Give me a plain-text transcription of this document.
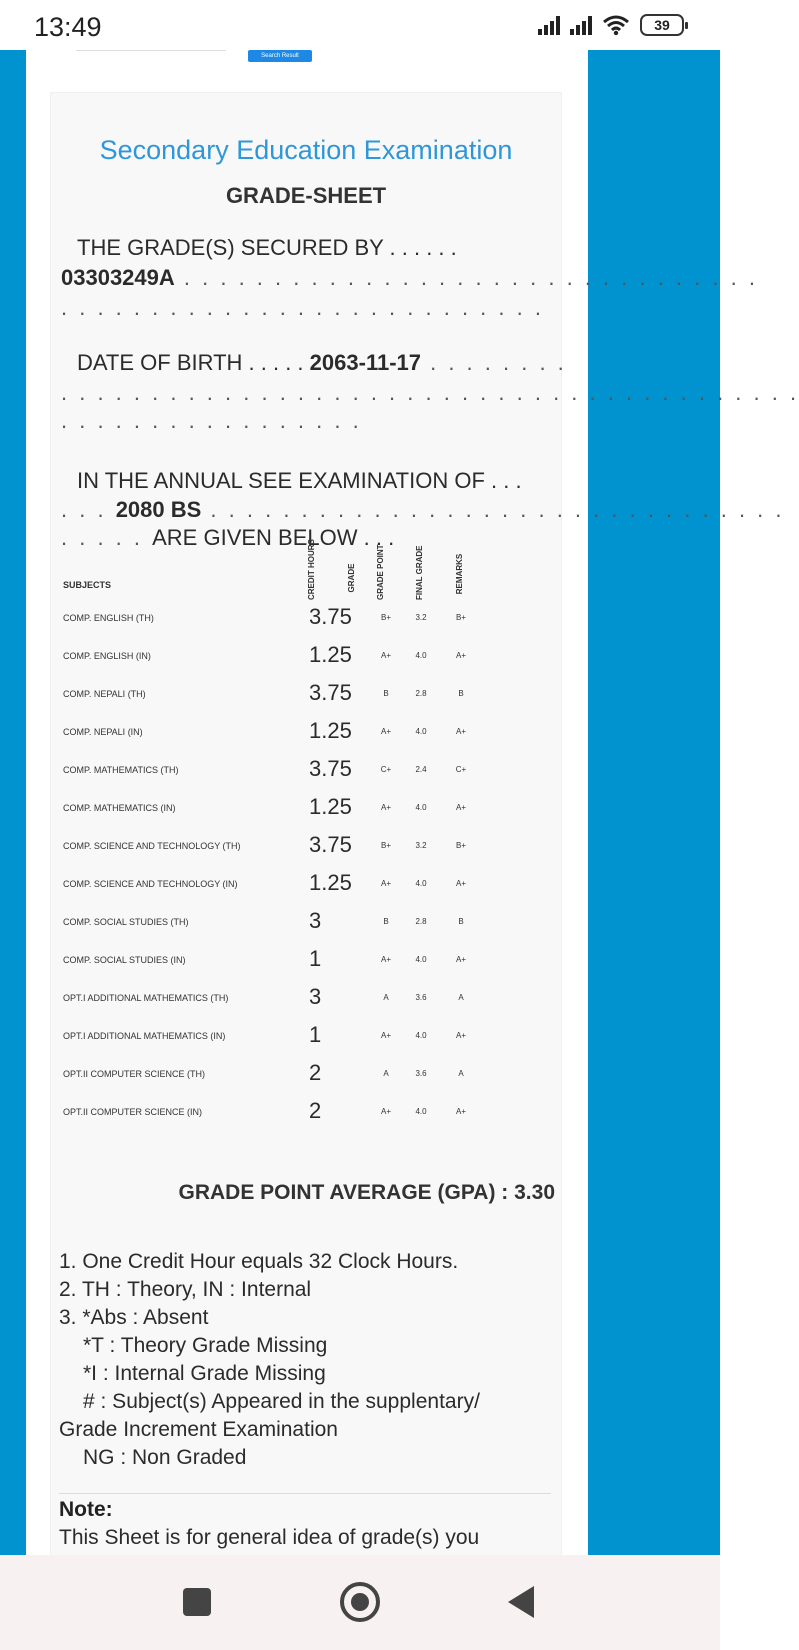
13:49	39
Search Result
Secondary Education Examination
GRADE-SHEET
THE GRADE(S) SECURED BY . . . . . .
03303249A . . . . . . . . . . . . . . . . . . . . . . . . . . . . . . . .
. . . . . . . . . . . . . . . . . . . . . . . . . . .
DATE OF BIRTH . . . . . 2063-11-17 . . . . . . . .
. . . . . . . . . . . . . . . . . . . . . . . . . . . . . . . . . . . . . . . . .
. . . . . . . . . . . . . . . . .
IN THE ANNUAL SEE EXAMINATION OF . . .
. . . 2080 BS . . . . . . . . . . . . . . . . . . . . . . . . . . . . . . . .
. . . . . ARE GIVEN BELOW . . .
SUBJECTS	CREDIT HOURS	GRADE	GRADE POINT	FINAL GRADE	REMARKS
COMP. ENGLISH (TH)	3.75	B+	3.2	B+
COMP. ENGLISH (IN)	1.25	A+	4.0	A+
COMP. NEPALI (TH)	3.75	B	2.8	B
COMP. NEPALI (IN)	1.25	A+	4.0	A+
COMP. MATHEMATICS (TH)	3.75	C+	2.4	C+
COMP. MATHEMATICS (IN)	1.25	A+	4.0	A+
COMP. SCIENCE AND TECHNOLOGY (TH)	3.75	B+	3.2	B+
COMP. SCIENCE AND TECHNOLOGY (IN)	1.25	A+	4.0	A+
COMP. SOCIAL STUDIES (TH)	3	B	2.8	B
COMP. SOCIAL STUDIES (IN)	1	A+	4.0	A+
OPT.I ADDITIONAL MATHEMATICS (TH)	3	A	3.6	A
OPT.I ADDITIONAL MATHEMATICS (IN)	1	A+	4.0	A+
OPT.II COMPUTER SCIENCE (TH)	2	A	3.6	A
OPT.II COMPUTER SCIENCE (IN)	2	A+	4.0	A+
GRADE POINT AVERAGE (GPA) : 3.30
1. One Credit Hour equals 32 Clock Hours.
2. TH : Theory, IN : Internal
3. *Abs : Absent
*T : Theory Grade Missing
*I : Internal Grade Missing
# : Subject(s) Appeared in the supplentary/
Grade Increment Examination
NG : Non Graded
Note:
This Sheet is for general idea of grade(s) you
